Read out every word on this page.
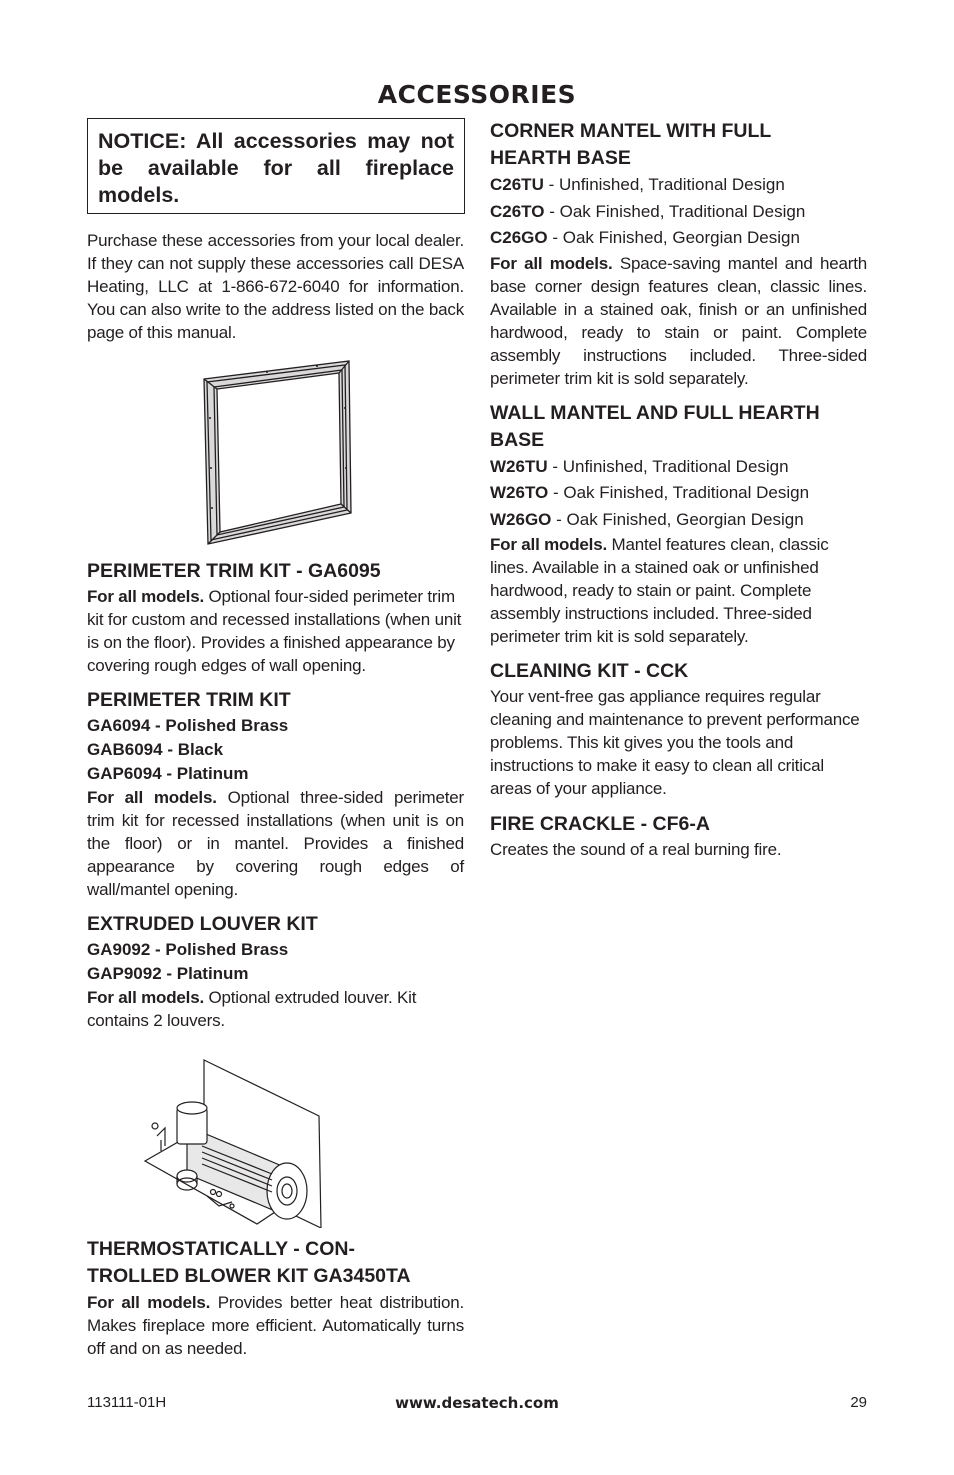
ACCESSORIES
NOTICE: All accessories may not be available for all fireplace models.

Purchase these accessories from your local dealer. If they can not supply these accessories call DESA Heating, LLC at 1-866-672-6040 for information. You can also write to the address listed on the back page of this manual.

PERIMETER TRIM KIT - GA6095

For all models. Optional four-sided perimeter trim kit for custom and recessed installations (when unit is on the floor). Provides a finished appearance by covering rough edges of wall opening.

PERIMETER TRIM KIT
GA6094 - Polished Brass
GAB6094 - Black
GAP6094 - Platinum

For all models. Optional three-sided perimeter trim kit for recessed installations (when unit is on the floor) or in mantel. Provides a finished appearance by covering rough edges of wall/mantel opening.

EXTRUDED LOUVER KIT
GA9092 - Polished Brass
GAP9092 - Platinum

For all models. Optional extruded louver. Kit contains 2 louvers.

THERMOSTATICALLY - CON-
TROLLED BLOWER KIT GA3450TA

For all models. Provides better heat distribution. Makes fireplace more efficient. Automatically turns off and on as needed.

CORNER MANTEL WITH FULL
HEARTH BASE
C26TU - Unfinished, Traditional Design
C26TO - Oak Finished, Traditional Design
C26GO - Oak Finished, Georgian Design

For all models. Space-saving mantel and hearth base corner design features clean, classic lines. Available in a stained oak, finish or an unfinished hardwood, ready to stain or paint. Complete assembly instructions included. Three-sided perimeter trim kit is sold separately.

WALL MANTEL AND FULL HEARTH
BASE
W26TU - Unfinished, Traditional Design
W26TO - Oak Finished, Traditional Design
W26GO - Oak Finished, Georgian Design

For all models. Mantel features clean, classic lines. Available in a stained oak or unfinished hardwood, ready to stain or paint. Complete assembly instructions included. Three-sided perimeter trim kit is sold separately.

CLEANING KIT - CCK

Your vent-free gas appliance requires regular cleaning and maintenance to prevent performance problems. This kit gives you the tools and instructions to make it easy to clean all critical areas of your appliance.

FIRE CRACKLE - CF6-A

Creates the sound of a real burning fire.

113111-01H	www.desatech.com	29
